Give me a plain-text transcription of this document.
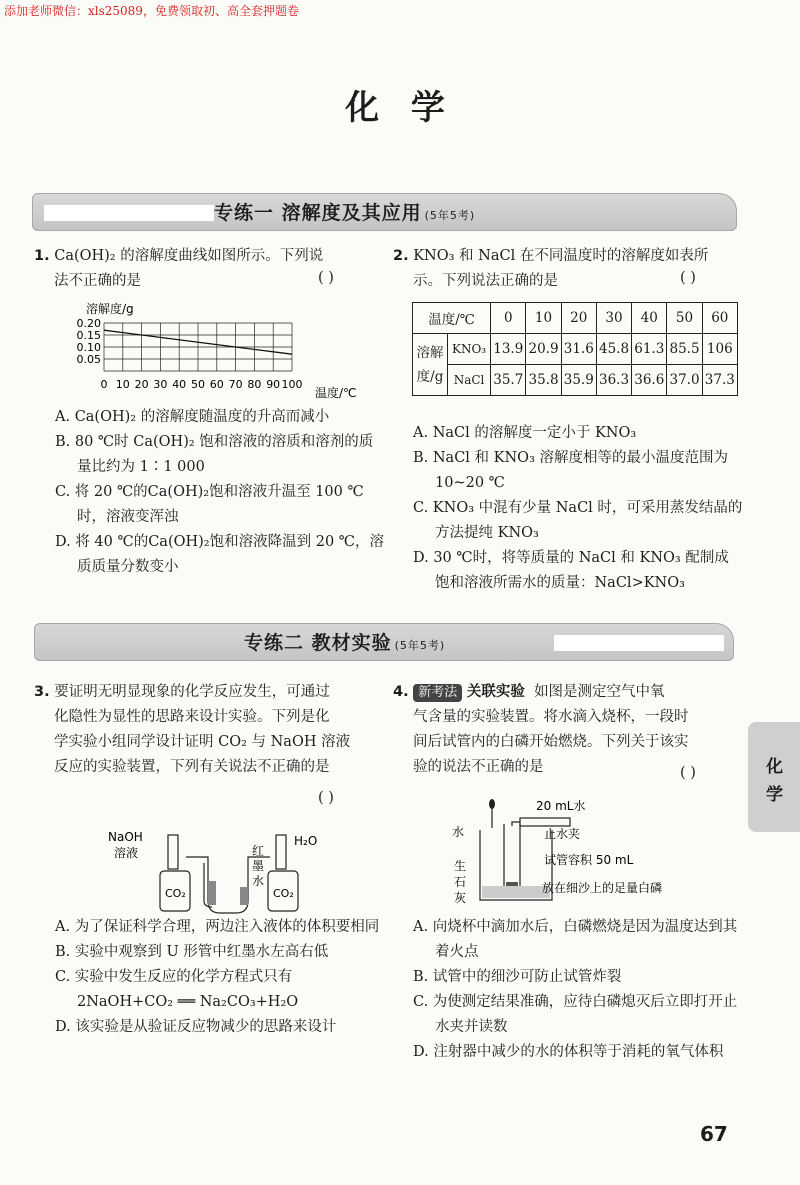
添加老师微信：xls25089，免费领取初、高全套押题卷
化 学
专练一 溶解度及其应用 (5年5考)
1. Ca(OH)₂ 的溶解度曲线如图所示。下列说
法不正确的是	( )
溶解度/g
0.20
0.15
0.10
0.05
0 10 20 30 40 50 60 70 80 90 100
温度/℃
A. Ca(OH)₂ 的溶解度随温度的升高而减小
B. 80 ℃时 Ca(OH)₂ 饱和溶液的溶质和溶剂的质量比约为 1∶1 000
C. 将 20 ℃的Ca(OH)₂饱和溶液升温至 100 ℃时，溶液变浑浊
D. 将 40 ℃的Ca(OH)₂饱和溶液降温到 20 ℃，溶质质量分数变小
2. KNO₃ 和 NaCl 在不同温度时的溶解度如表所
示。下列说法正确的是	( )
温度/℃		0	10	20	30	40	50	60
溶解
度/g	KNO₃	13.9	20.9	31.6	45.8	61.3	85.5	106
	NaCl	35.7	35.8	35.9	36.3	36.6	37.0	37.3
A. NaCl 的溶解度一定小于 KNO₃
B. NaCl 和 KNO₃ 溶解度相等的最小温度范围为 10~20 ℃
C. KNO₃ 中混有少量 NaCl 时，可采用蒸发结晶的方法提纯 KNO₃
D. 30 ℃时，将等质量的 NaCl 和 KNO₃ 配制成饱和溶液所需水的质量：NaCl>KNO₃
专练二 教材实验 (5年5考)
3. 要证明无明显现象的化学反应发生，可通过
化隐性为显性的思路来设计实验。下列是化
学实验小组同学设计证明 CO₂ 与 NaOH 溶液
反应的实验装置，下列有关说法不正确的是
( )
NaOH
溶液
H₂O
CO₂	CO₂
红
墨
水
A. 为了保证科学合理，两边注入液体的体积要相同
B. 实验中观察到 U 形管中红墨水左高右低
C. 实验中发生反应的化学方程式只有
2NaOH+CO₂ ══ Na₂CO₃+H₂O
D. 该实验是从验证反应物减少的思路来设计
4. 新考法 关联实验 如图是测定空气中氧
气含量的实验装置。将水滴入烧杯，一段时
间后试管内的白磷开始燃烧。下列关于该实
验的说法不正确的是	( )
20 mL水
水	止水夹
试管容积 50 mL
生
石
灰
放在细沙上的足量白磷
A. 向烧杯中滴加水后，白磷燃烧是因为温度达到其着火点
B. 试管中的细沙可防止试管炸裂
C. 为使测定结果准确，应待白磷熄灭后立即打开止水夹并读数
D. 注射器中减少的水的体积等于消耗的氧气体积
化
学
67
